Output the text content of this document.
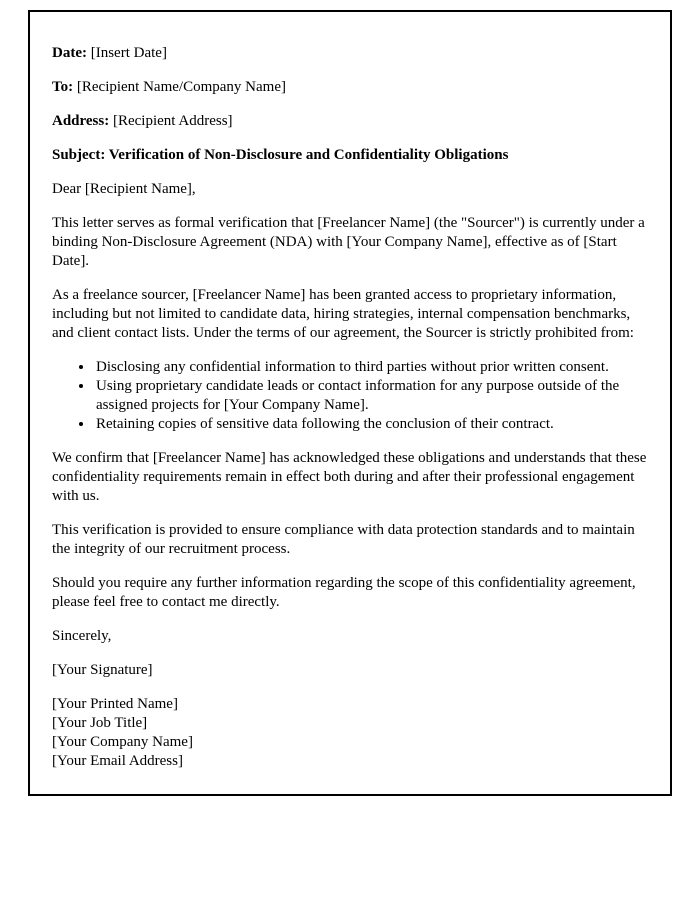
Date: [Insert Date]

To: [Recipient Name/Company Name]

Address: [Recipient Address]

Subject: Verification of Non-Disclosure and Confidentiality Obligations

Dear [Recipient Name],

This letter serves as formal verification that [Freelancer Name] (the "Sourcer") is currently under a binding Non-Disclosure Agreement (NDA) with [Your Company Name], effective as of [Start Date].

As a freelance sourcer, [Freelancer Name] has been granted access to proprietary information, including but not limited to candidate data, hiring strategies, internal compensation benchmarks, and client contact lists. Under the terms of our agreement, the Sourcer is strictly prohibited from:

• Disclosing any confidential information to third parties without prior written consent.
• Using proprietary candidate leads or contact information for any purpose outside of the assigned projects for [Your Company Name].
• Retaining copies of sensitive data following the conclusion of their contract.

We confirm that [Freelancer Name] has acknowledged these obligations and understands that these confidentiality requirements remain in effect both during and after their professional engagement with us.

This verification is provided to ensure compliance with data protection standards and to maintain the integrity of our recruitment process.

Should you require any further information regarding the scope of this confidentiality agreement, please feel free to contact me directly.

Sincerely,

[Your Signature]

[Your Printed Name]
[Your Job Title]
[Your Company Name]
[Your Email Address]
